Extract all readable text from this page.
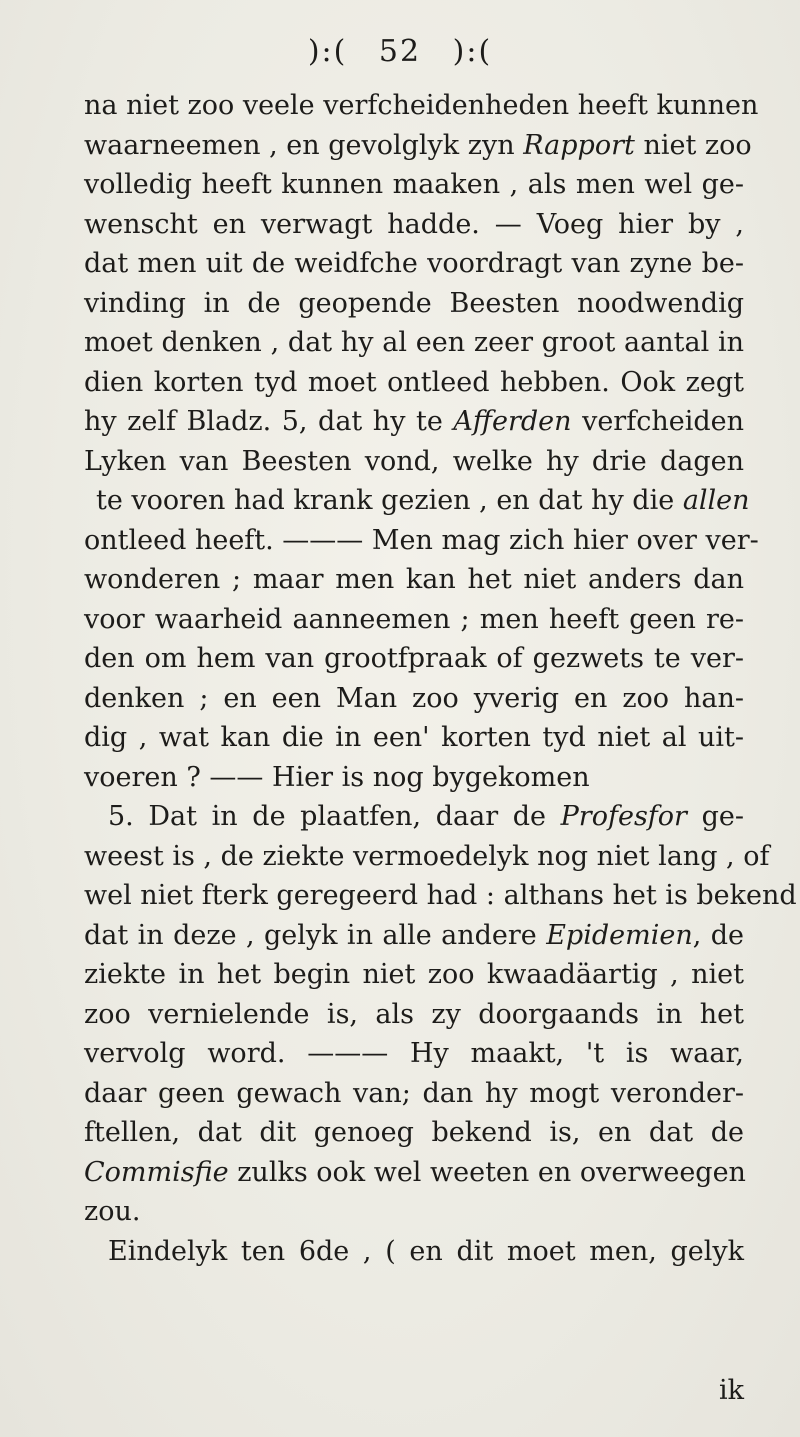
):( 52 ):(
na niet zoo veele verfcheidenheden heeft kunnen
waarneemen , en gevolglyk zyn Rapport niet zoo
volledig heeft kunnen maaken , als men wel ge-
wenscht en verwagt hadde. — Voeg hier by ,
dat men uit de weidfche voordragt van zyne be-
vinding in de geopende Beesten noodwendig
moet denken , dat hy al een zeer groot aantal in
dien korten tyd moet ontleed hebben. Ook zegt
hy zelf Bladz. 5, dat hy te Afferden verfcheiden
Lyken van Beesten vond, welke hy drie dagen
te vooren had krank gezien , en dat hy die allen
ontleed heeft. ——— Men mag zich hier over ver-
wonderen ; maar men kan het niet anders dan
voor waarheid aanneemen ; men heeft geen re-
den om hem van grootfpraak of gezwets te ver-
denken ; en een Man zoo yverig en zoo han-
dig , wat kan die in een' korten tyd niet al uit-
voeren ? —— Hier is nog bygekomen
5. Dat in de plaatfen, daar de Profesfor ge-
weest is , de ziekte vermoedelyk nog niet lang , of
wel niet fterk geregeerd had : althans het is bekend
dat in deze , gelyk in alle andere Epidemien, de
ziekte in het begin niet zoo kwaadäartig , niet
zoo vernielende is, als zy doorgaands in het
vervolg word. ——— Hy maakt, 't is waar,
daar geen gewach van; dan hy mogt veronder-
ftellen, dat dit genoeg bekend is, en dat de
Commisfie zulks ook wel weeten en overweegen
zou.
Eindelyk ten 6de , ( en dit moet men, gelyk
ik
